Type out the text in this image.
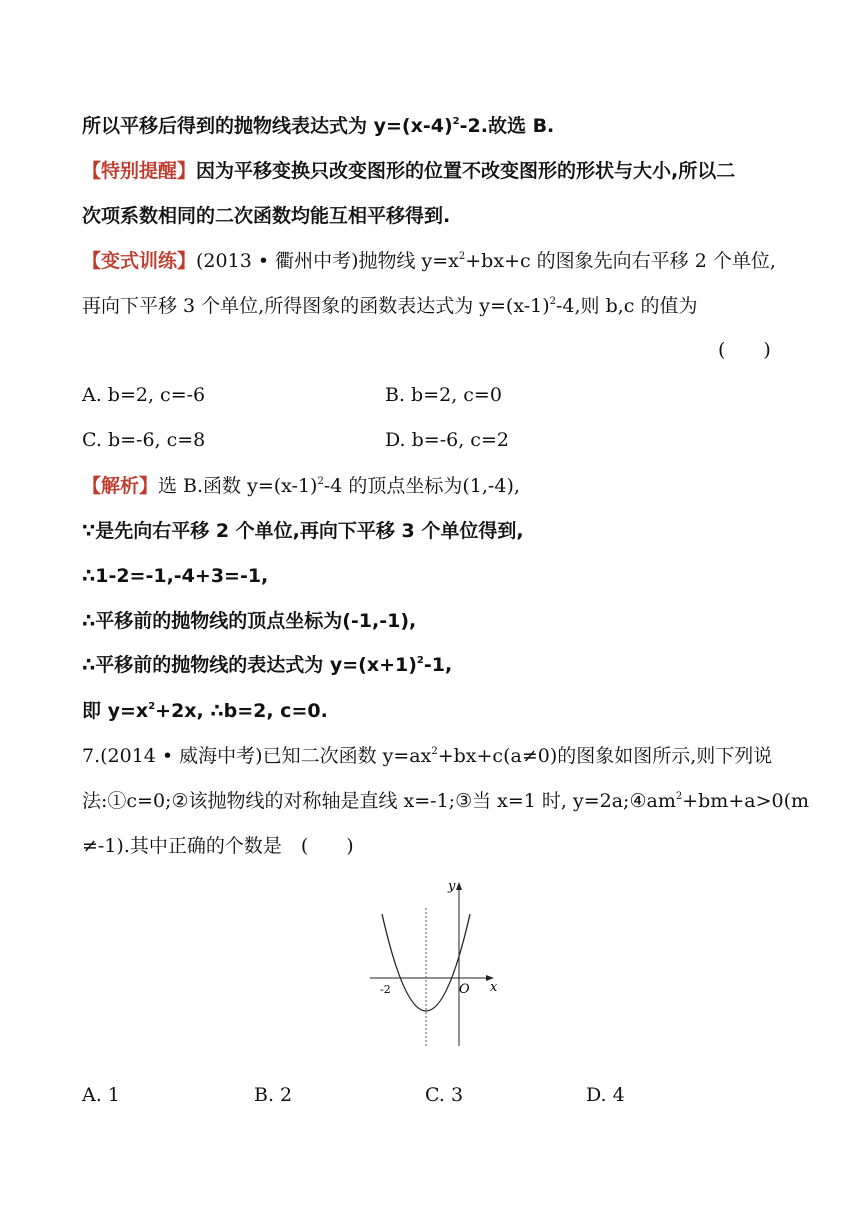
所以平移后得到的抛物线表达式为 $y=(x-4)^2-2$.故选 B.
【特别提醒】因为平移变换只改变图形的位置不改变图形的形状与大小,所以二
次项系数相同的二次函数均能互相平移得到.
【变式训练】(2013 • 衢州中考)抛物线 $y=x^2+bx+c$ 的图象先向右平移 2 个单位,
再向下平移 3 个单位,所得图象的函数表达式为 $y=(x-1)^2-4$,则 b,c 的值为
(　　)
A. b=2, c=-6	B. b=2, c=0
C. b=-6, c=8	D. b=-6, c=2
【解析】选 B.函数 $y=(x-1)^2-4$ 的顶点坐标为(1,-4),
∵是先向右平移 2 个单位,再向下平移 3 个单位得到,
∴1-2=-1,-4+3=-1,
∴平移前的抛物线的顶点坐标为(-1,-1),
∴平移前的抛物线的表达式为 $y=(x+1)^2-1$,
即 $y=x^2+2x$, ∴b=2, c=0.
7.(2014 • 威海中考)已知二次函数 $y=ax^2+bx+c(a\ne 0)$的图象如图所示,则下列说
法:①c=0;②该抛物线的对称轴是直线 x=-1;③当 x=1 时, $y=2a;④am^2+bm+a>0(m$
≠-1).其中正确的个数是　(　　)
y
x
O
-2
A. 1	B. 2	C. 3	D. 4
